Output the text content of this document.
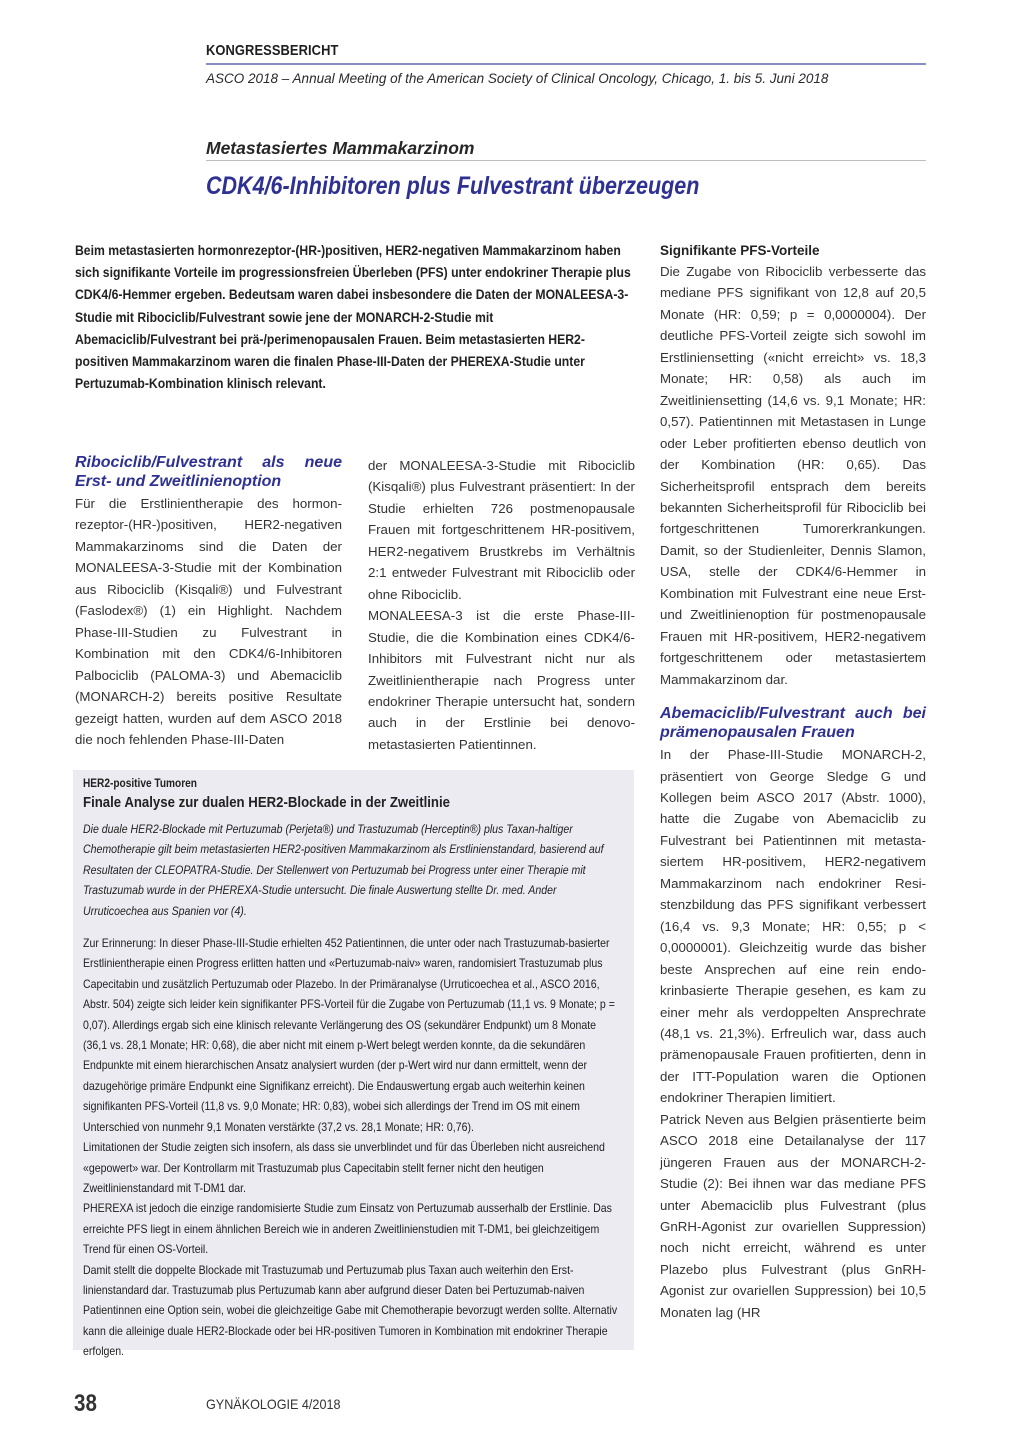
KONGRESSBERICHT
ASCO 2018 – Annual Meeting of the American Society of Clinical Oncology, Chicago, 1. bis 5. Juni 2018
Metastasiertes Mammakarzinom
CDK4/6-Inhibitoren plus Fulvestrant überzeugen
Beim metastasierten hormonrezeptor-(HR-)positiven, HER2-negativen Mammakarzinom haben sich signifikante Vorteile im progressionsfreien Überleben (PFS) unter endokriner Therapie plus CDK4/6-Hemmer ergeben. Bedeutsam waren dabei insbesondere die Daten der MONALEESA-3-Studie mit Ribociclib/Fulvestrant sowie jene der MONARCH-2-Studie mit Abemaciclib/Fulvestrant bei prä-/perimenopausalen Frauen. Beim metastasierten HER2-positiven Mammakarzinom waren die finalen Phase-III-Daten der PHEREXA-Studie unter Pertuzumab-Kombination klinisch relevant.
Ribociclib/Fulvestrant als neue Erst- und Zweitlinienoption

Für die Erstlinientherapie des hormonrezeptor-(HR-)positiven, HER2-negativen Mammakarzinoms sind die Daten der MONALEESA-3-Studie mit der Kombination aus Ribociclib (Kisqali®) und Fulvestrant (Faslodex®) (1) ein Highlight. Nachdem Phase-III-Studien zu Fulvestrant in Kombination mit den CDK4/6-Inhibitoren Palbociclib (PALOMA-3) und Abemaciclib (MONARCH-2) bereits positive Resultate gezeigt hatten, wurden auf dem ASCO 2018 die noch fehlenden Phase-III-Daten

der MONALEESA-3-Studie mit Ribociclib (Kisqali®) plus Fulvestrant präsentiert: In der Studie erhielten 726 postmenopausale Frauen mit fortgeschrittenem HR-positivem, HER2-negativem Brustkrebs im Verhältnis 2:1 entweder Fulvestrant mit Ribociclib oder ohne Ribociclib.

MONALEESA-3 ist die erste Phase-III-Studie, die die Kombination eines CDK4/6-Inhibitors mit Fulvestrant nicht nur als Zweitlinientherapie nach Progress unter endokriner Therapie untersucht hat, sondern auch in der Erstlinie bei denovo-metastasierten Patientinnen.

Signifikante PFS-Vorteile

Die Zugabe von Ribociclib verbesserte das mediane PFS signifikant von 12,8 auf 20,5 Monate (HR: 0,59; p = 0,0000004). Der deutliche PFS-Vorteil zeigte sich sowohl im Erstliniensetting («nicht erreicht» vs. 18,3 Monate; HR: 0,58) als auch im Zweitliniensetting (14,6 vs. 9,1 Monate; HR: 0,57). Patientinnen mit Metastasen in Lunge oder Leber profitierten ebenso deutlich von der Kombination (HR: 0,65). Das Sicherheitsprofil entsprach dem bereits bekannten Sicherheitsprofil für Ribociclib bei fortgeschrittenen Tumorerkrankungen. Damit, so der Studienleiter, Dennis Slamon, USA, stelle der CDK4/6-Hemmer in Kombination mit Fulvestrant eine neue Erst- und Zweitlinienoption für postmenopausale Frauen mit HR-positivem, HER2-negativem fortgeschrittenem oder metastasiertem Mammakarzinom dar.

Abemaciclib/Fulvestrant auch bei prämenopausalen Frauen

In der Phase-III-Studie MONARCH-2, präsentiert von George Sledge G und Kollegen beim ASCO 2017 (Abstr. 1000), hatte die Zugabe von Abemaciclib zu Fulvestrant bei Patientinnen mit metastasiertem HR-positivem, HER2-negativem Mammakarzinom nach endokriner Resistenzbildung das PFS signifikant verbessert (16,4 vs. 9,3 Monate; HR: 0,55; p < 0,0000001). Gleichzeitig wurde das bisher beste Ansprechen auf eine rein endokrinbasierte Therapie gesehen, es kam zu einer mehr als verdoppelten Ansprechrate (48,1 vs. 21,3%). Erfreulich war, dass auch prämenopausale Frauen profitierten, denn in der ITT-Population waren die Optionen endokriner Therapien limitiert.

Patrick Neven aus Belgien präsentierte beim ASCO 2018 eine Detailanalyse der 117 jüngeren Frauen aus der MONARCH-2-Studie (2): Bei ihnen war das mediane PFS unter Abemaciclib plus Fulvestrant (plus GnRH-Agonist zur ovariellen Suppression) noch nicht erreicht, während es unter Plazebo plus Fulvestrant (plus GnRH-Agonist zur ovariellen Suppression) bei 10,5 Monaten lag (HR

HER2-positive Tumoren
Finale Analyse zur dualen HER2-Blockade in der Zweitlinie
Die duale HER2-Blockade mit Pertuzumab (Perjeta®) und Trastuzumab (Herceptin®) plus Taxan-haltiger Chemotherapie gilt beim metastasierten HER2-positiven Mammakarzinom als Erstlinienstandard, basierend auf Resultaten der CLEOPATRA-Studie. Der Stellenwert von Pertuzumab bei Progress unter einer Therapie mit Trastuzumab wurde in der PHEREXA-Studie untersucht. Die finale Auswertung stellte Dr. med. Ander Urruticoechea aus Spanien vor (4).

Zur Erinnerung: In dieser Phase-III-Studie erhielten 452 Patientinnen, die unter oder nach Trastuzumab-basierter Erstlinientherapie einen Progress erlitten hatten und «Pertuzumab-naiv» waren, randomisiert Trastuzumab plus Capecitabin und zusätzlich Pertuzumab oder Plazebo. In der Primäranalyse (Urruticoechea et al., ASCO 2016, Abstr. 504) zeigte sich leider kein signifikanter PFS-Vorteil für die Zugabe von Pertuzumab (11,1 vs. 9 Monate; p = 0,07). Allerdings ergab sich eine klinisch relevante Verlängerung des OS (sekundärer Endpunkt) um 8 Monate (36,1 vs. 28,1 Monate; HR: 0,68), die aber nicht mit einem p-Wert belegt werden konnte, da die sekundären Endpunkte mit einem hierarchischen Ansatz analysiert wurden (der p-Wert wird nur dann ermittelt, wenn der dazugehörige primäre Endpunkt eine Signifikanz erreicht). Die Endauswertung ergab auch weiterhin keinen signifikanten PFS-Vorteil (11,8 vs. 9,0 Monate; HR: 0,83), wobei sich allerdings der Trend im OS mit einem Unterschied von nunmehr 9,1 Monaten verstärkte (37,2 vs. 28,1 Monate; HR: 0,76).

Limitationen der Studie zeigten sich insofern, als dass sie unverblindet und für das Überleben nicht ausreichend «gepowert» war. Der Kontrollarm mit Trastuzumab plus Capecitabin stellt ferner nicht den heutigen Zweitlinienstandard mit T-DM1 dar.

PHEREXA ist jedoch die einzige randomisierte Studie zum Einsatz von Pertuzumab ausserhalb der Erstlinie. Das erreichte PFS liegt in einem ähnlichen Bereich wie in anderen Zweitlinienstudien mit T-DM1, bei gleichzeitigem Trend für einen OS-Vorteil.

Damit stellt die doppelte Blockade mit Trastuzumab und Pertuzumab plus Taxan auch weiterhin den Erstlinienstandard dar. Trastuzumab plus Pertuzumab kann aber aufgrund dieser Daten bei Pertuzumab-naiven Patientinnen eine Option sein, wobei die gleichzeitige Gabe mit Chemotherapie bevorzugt werden sollte. Alternativ kann die alleinige duale HER2-Blockade oder bei HR-positiven Tumoren in Kombination mit endokriner Therapie erfolgen.

38	GYNÄKOLOGIE 4/2018
